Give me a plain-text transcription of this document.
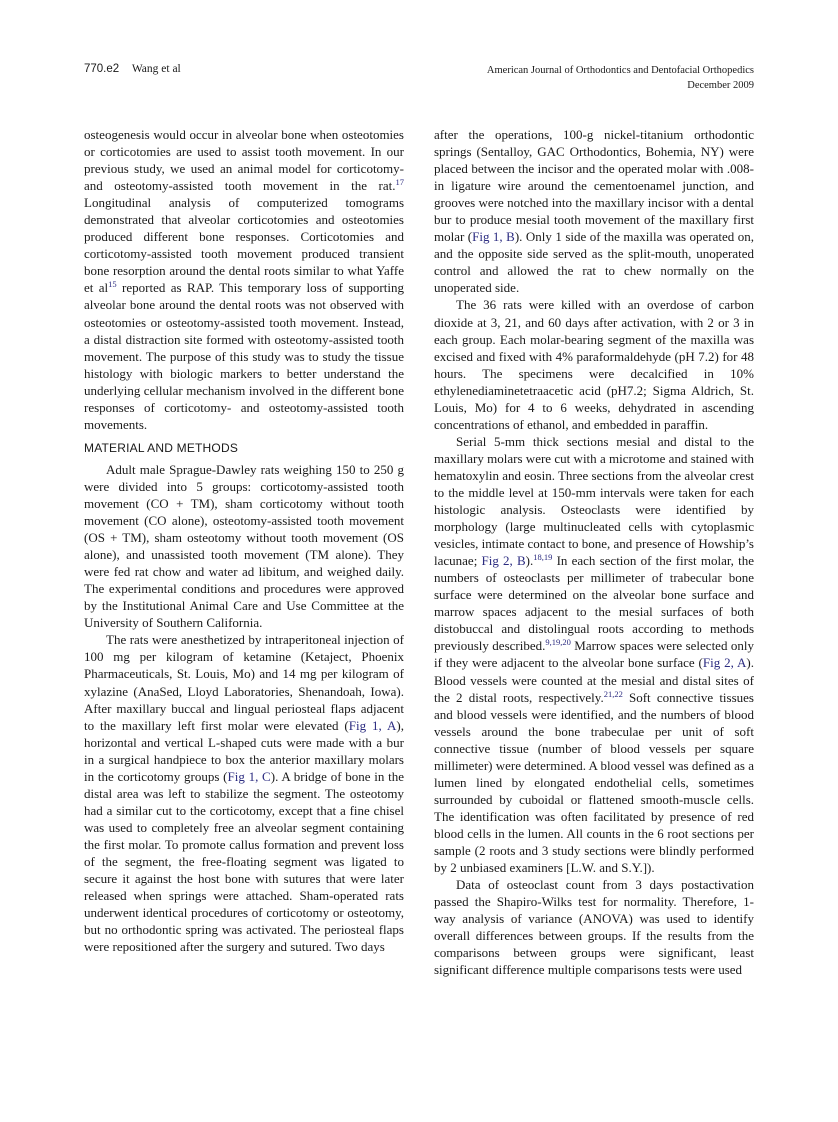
770.e2 Wang et al	American Journal of Orthodontics and Dentofacial Orthopedics
December 2009

osteogenesis would occur in alveolar bone when osteotomies or corticotomies are used to assist tooth movement. In our previous study, we used an animal model for corticotomy- and osteotomy-assisted tooth movement in the rat.$^{17}$ Longitudinal analysis of computerized tomograms demonstrated that alveolar corticotomies and osteotomies produced different bone responses. Corticotomies and corticotomy-assisted tooth movement produced transient bone resorption around the dental roots similar to what Yaffe et al$^{15}$ reported as RAP. This temporary loss of supporting alveolar bone around the dental roots was not observed with osteotomies or osteotomy-assisted tooth movement. Instead, a distal distraction site formed with osteotomy-assisted tooth movement. The purpose of this study was to study the tissue histology with biologic markers to better understand the underlying cellular mechanism involved in the different bone responses of corticotomy- and osteotomy-assisted tooth movements.

MATERIAL AND METHODS

Adult male Sprague-Dawley rats weighing 150 to 250 g were divided into 5 groups: corticotomy-assisted tooth movement (CO + TM), sham corticotomy without tooth movement (CO alone), osteotomy-assisted tooth movement (OS + TM), sham osteotomy without tooth movement (OS alone), and unassisted tooth movement (TM alone). They were fed rat chow and water ad libitum, and weighed daily. The experimental conditions and procedures were approved by the Institutional Animal Care and Use Committee at the University of Southern California.

The rats were anesthetized by intraperitoneal injection of 100 mg per kilogram of ketamine (Ketaject, Phoenix Pharmaceuticals, St. Louis, Mo) and 14 mg per kilogram of xylazine (AnaSed, Lloyd Laboratories, Shenandoah, Iowa). After maxillary buccal and lingual periosteal flaps adjacent to the maxillary left first molar were elevated (Fig 1, A), horizontal and vertical L-shaped cuts were made with a bur in a surgical handpiece to box the anterior maxillary molars in the corticotomy groups (Fig 1, C). A bridge of bone in the distal area was left to stabilize the segment. The osteotomy had a similar cut to the corticotomy, except that a fine chisel was used to completely free an alveolar segment containing the first molar. To promote callus formation and prevent loss of the segment, the free-floating segment was ligated to secure it against the host bone with sutures that were later released when springs were attached. Sham-operated rats underwent identical procedures of corticotomy or osteotomy, but no orthodontic spring was activated. The periosteal flaps were repositioned after the surgery and sutured. Two days

after the operations, 100-g nickel-titanium orthodontic springs (Sentalloy, GAC Orthodontics, Bohemia, NY) were placed between the incisor and the operated molar with .008-in ligature wire around the cementoenamel junction, and grooves were notched into the maxillary incisor with a dental bur to produce mesial tooth movement of the maxillary first molar (Fig 1, B). Only 1 side of the maxilla was operated on, and the opposite side served as the split-mouth, unoperated control and allowed the rat to chew normally on the unoperated side.

The 36 rats were killed with an overdose of carbon dioxide at 3, 21, and 60 days after activation, with 2 or 3 in each group. Each molar-bearing segment of the maxilla was excised and fixed with 4% paraformaldehyde (pH 7.2) for 48 hours. The specimens were decalcified in 10% ethylenediaminetetraacetic acid (pH7.2; Sigma Aldrich, St. Louis, Mo) for 4 to 6 weeks, dehydrated in ascending concentrations of ethanol, and embedded in paraffin.

Serial 5-mm thick sections mesial and distal to the maxillary molars were cut with a microtome and stained with hematoxylin and eosin. Three sections from the alveolar crest to the middle level at 150-mm intervals were taken for each histologic analysis. Osteoclasts were identified by morphology (large multinucleated cells with cytoplasmic vesicles, intimate contact to bone, and presence of Howship’s lacunae; Fig 2, B).$^{18,19}$ In each section of the first molar, the numbers of osteoclasts per millimeter of trabecular bone surface were determined on the alveolar bone surface and marrow spaces adjacent to the mesial surfaces of both distobuccal and distolingual roots according to methods previously described.$^{9,19,20}$ Marrow spaces were selected only if they were adjacent to the alveolar bone surface (Fig 2, A). Blood vessels were counted at the mesial and distal sites of the 2 distal roots, respectively.$^{21,22}$ Soft connective tissues and blood vessels were identified, and the numbers of blood vessels around the bone trabeculae per unit of soft connective tissue (number of blood vessels per square millimeter) were determined. A blood vessel was defined as a lumen lined by elongated endothelial cells, sometimes surrounded by cuboidal or flattened smooth-muscle cells. The identification was often facilitated by presence of red blood cells in the lumen. All counts in the 6 root sections per sample (2 roots and 3 study sections were blindly performed by 2 unbiased examiners [L.W. and S.Y.]).

Data of osteoclast count from 3 days postactivation passed the Shapiro-Wilks test for normality. Therefore, 1-way analysis of variance (ANOVA) was used to identify overall differences between groups. If the results from the comparisons between groups were significant, least significant difference multiple comparisons tests were used
